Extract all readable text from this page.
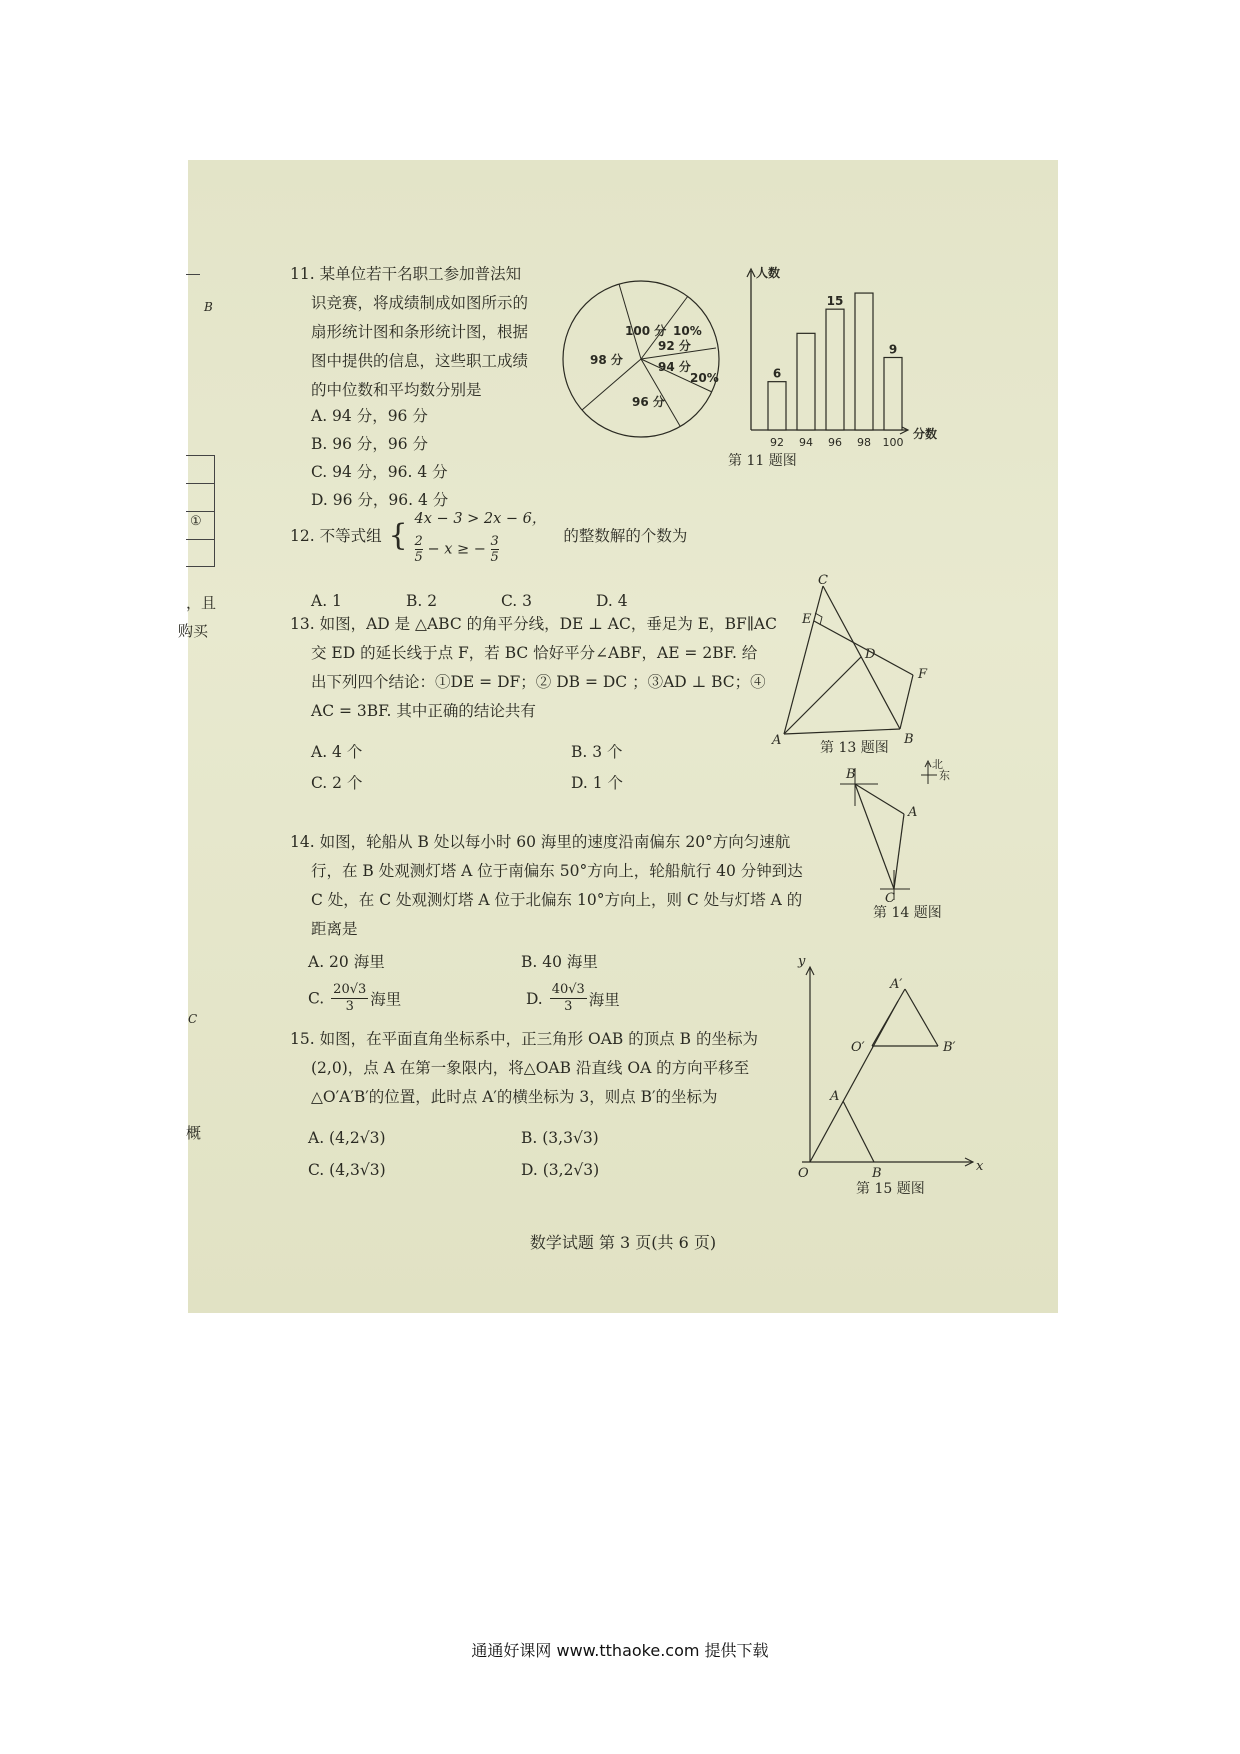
B
①
，且
购买
C
概
11. 某单位若干名职工参加普法知
识竞赛，将成绩制成如图所示的
扇形统计图和条形统计图，根据
图中提供的信息，这些职工成绩
的中位数和平均数分别是
A. 94 分，96 分
B. 96 分，96 分
C. 94 分，96. 4 分
D. 96 分，96. 4 分
100 分 10%
92 分
94 分
20%
96 分
98 分
人数
分数
92
6
94 96
15
98 100
9
第 11 题图
12. 不等式组 { 4x − 3 > 2x − 6，
$\frac{2}{5} - x$ ≥ − $\frac{3}{5}$	的整数解的个数为
A. 1	B. 2	C. 3	D. 4
13. 如图，AD 是 △ABC 的角平分线，DE ⊥ AC，垂足为 E，BF∥AC
交 ED 的延长线于点 F，若 BC 恰好平分∠ABF，AE = 2BF. 给
出下列四个结论：①DE = DF；② DB = DC ；③AD ⊥ BC；④
AC = 3BF. 其中正确的结论共有
A. 4 个	B. 3 个
C. 2 个	D. 1 个
A	B
C
D
E
F
第 13 题图
B
A
C
北
东
第 14 题图
14. 如图，轮船从 B 处以每小时 60 海里的速度沿南偏东 20°方向匀速航
行，在 B 处观测灯塔 A 位于南偏东 50°方向上，轮船航行 40 分钟到达
C 处，在 C 处观测灯塔 A 位于北偏东 10°方向上，则 C 处与灯塔 A 的
距离是
A. 20 海里	B. 40 海里
C. $\frac{20√3}{3}$ 海里	D. $\frac{40√3}{3}$ 海里
15. 如图，在平面直角坐标系中，正三角形 OAB 的顶点 B 的坐标为
(2,0)，点 A 在第一象限内，将△OAB 沿直线 OA 的方向平移至
△O′A′B′的位置，此时点 A′的横坐标为 3，则点 B′的坐标为
A. (4,2√3)	B. (3,3√3)
C. (4,3√3)	D. (3,2√3)
y
x
O
A
B
O′
A′
B′
第 15 题图
数学试题 第 3 页(共 6 页)
通通好课网 www.tthaoke.com 提供下载
